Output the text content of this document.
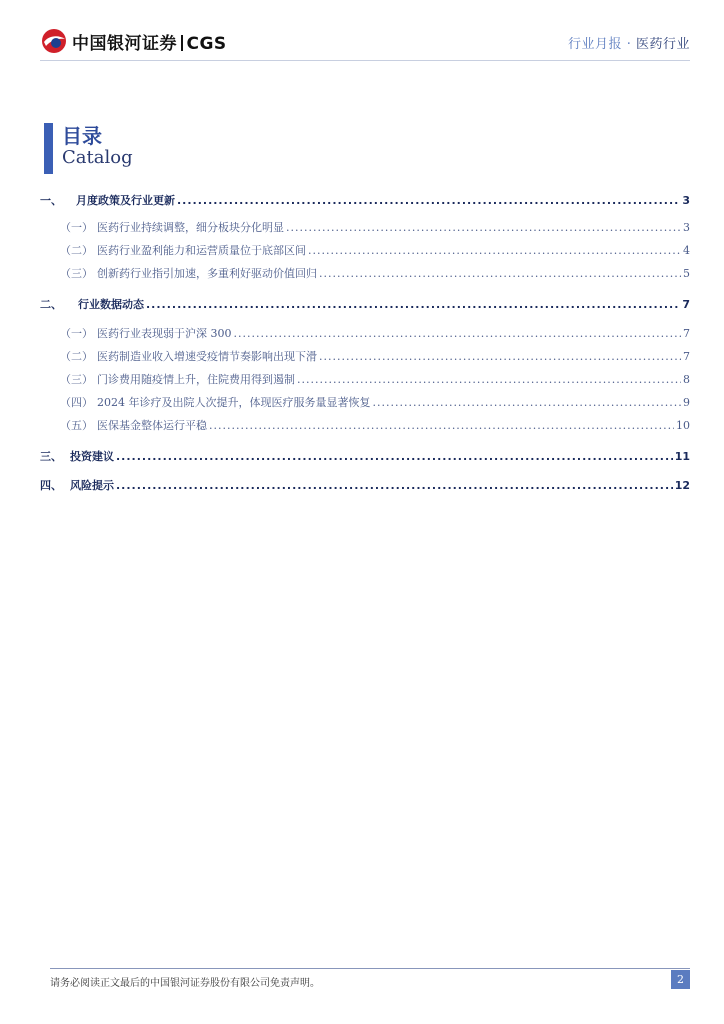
中国银河证券 CGS	行业月报 · 医药行业
目录
Catalog
一、 月度政策及行业更新 .....	3
（一） 医药行业持续调整，细分板块分化明显 .....	3
（二） 医药行业盈利能力和运营质量位于底部区间 .....	4
（三） 创新药行业指引加速，多重利好驱动价值回归 .....	5
二、 行业数据动态 .....	7
（一） 医药行业表现弱于沪深 300 .....	7
（二） 医药制造业收入增速受疫情节奏影响出现下滑 .....	7
（三） 门诊费用随疫情上升，住院费用得到遏制 .....	8
（四） 2024 年诊疗及出院人次提升，体现医疗服务量显著恢复 .....	9
（五） 医保基金整体运行平稳 .....	10
三、 投资建议 .....	11
四、 风险提示 .....	12
请务必阅读正文最后的中国银河证券股份有限公司免责声明。	2
